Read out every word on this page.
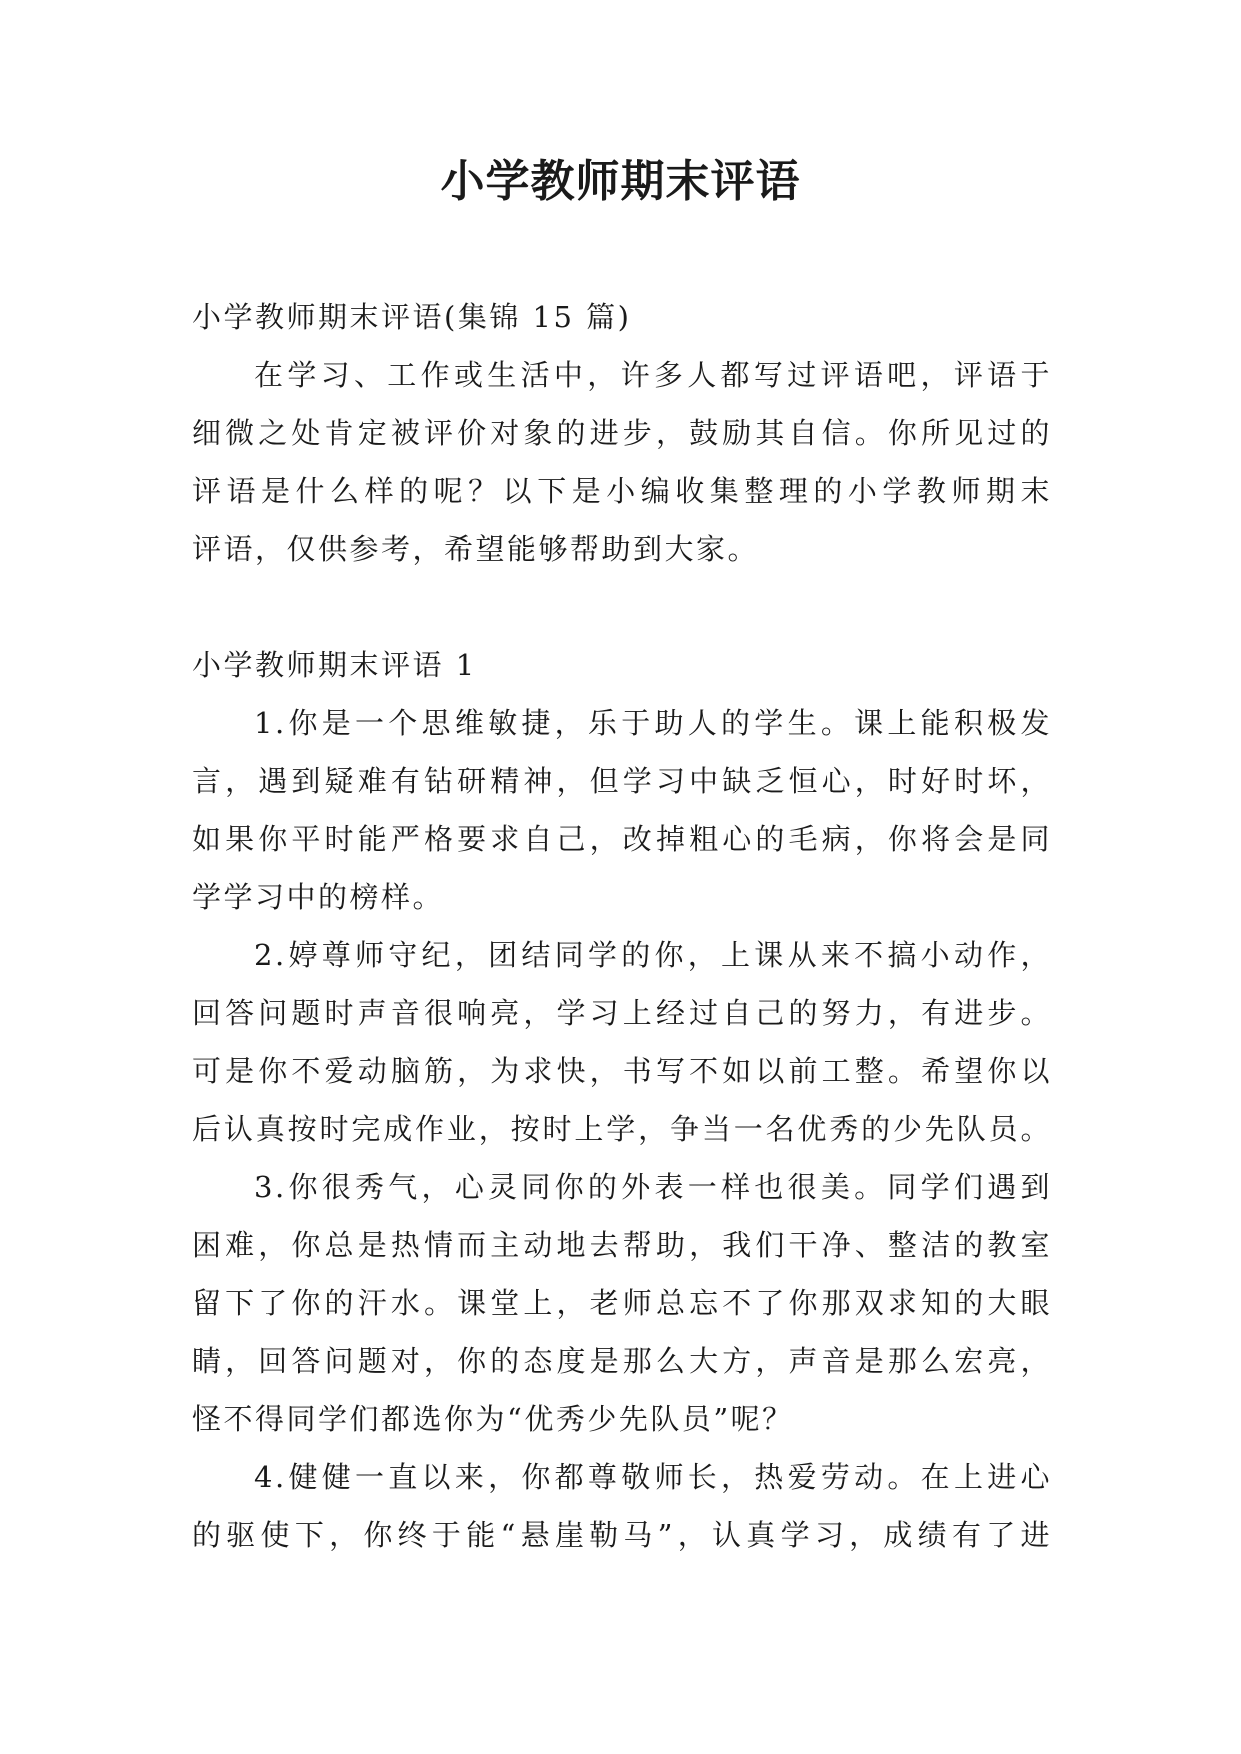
小学教师期末评语
小学教师期末评语(集锦 15 篇)
在学习、工作或生活中，许多人都写过评语吧，评语于
细微之处肯定被评价对象的进步，鼓励其自信。你所见过的
评语是什么样的呢？以下是小编收集整理的小学教师期末
评语，仅供参考，希望能够帮助到大家。
小学教师期末评语 1
1.你是一个思维敏捷，乐于助人的学生。课上能积极发
言，遇到疑难有钻研精神，但学习中缺乏恒心，时好时坏，
如果你平时能严格要求自己，改掉粗心的毛病，你将会是同
学学习中的榜样。
2.婷尊师守纪，团结同学的你，上课从来不搞小动作，
回答问题时声音很响亮，学习上经过自己的努力，有进步。
可是你不爱动脑筋，为求快，书写不如以前工整。希望你以
后认真按时完成作业，按时上学，争当一名优秀的少先队员。
3.你很秀气，心灵同你的外表一样也很美。同学们遇到
困难，你总是热情而主动地去帮助，我们干净、整洁的教室
留下了你的汗水。课堂上，老师总忘不了你那双求知的大眼
睛，回答问题对，你的态度是那么大方，声音是那么宏亮，
怪不得同学们都选你为“优秀少先队员”呢？
4.健健一直以来，你都尊敬师长，热爱劳动。在上进心
的驱使下，你终于能“悬崖勒马”，认真学习，成绩有了进
